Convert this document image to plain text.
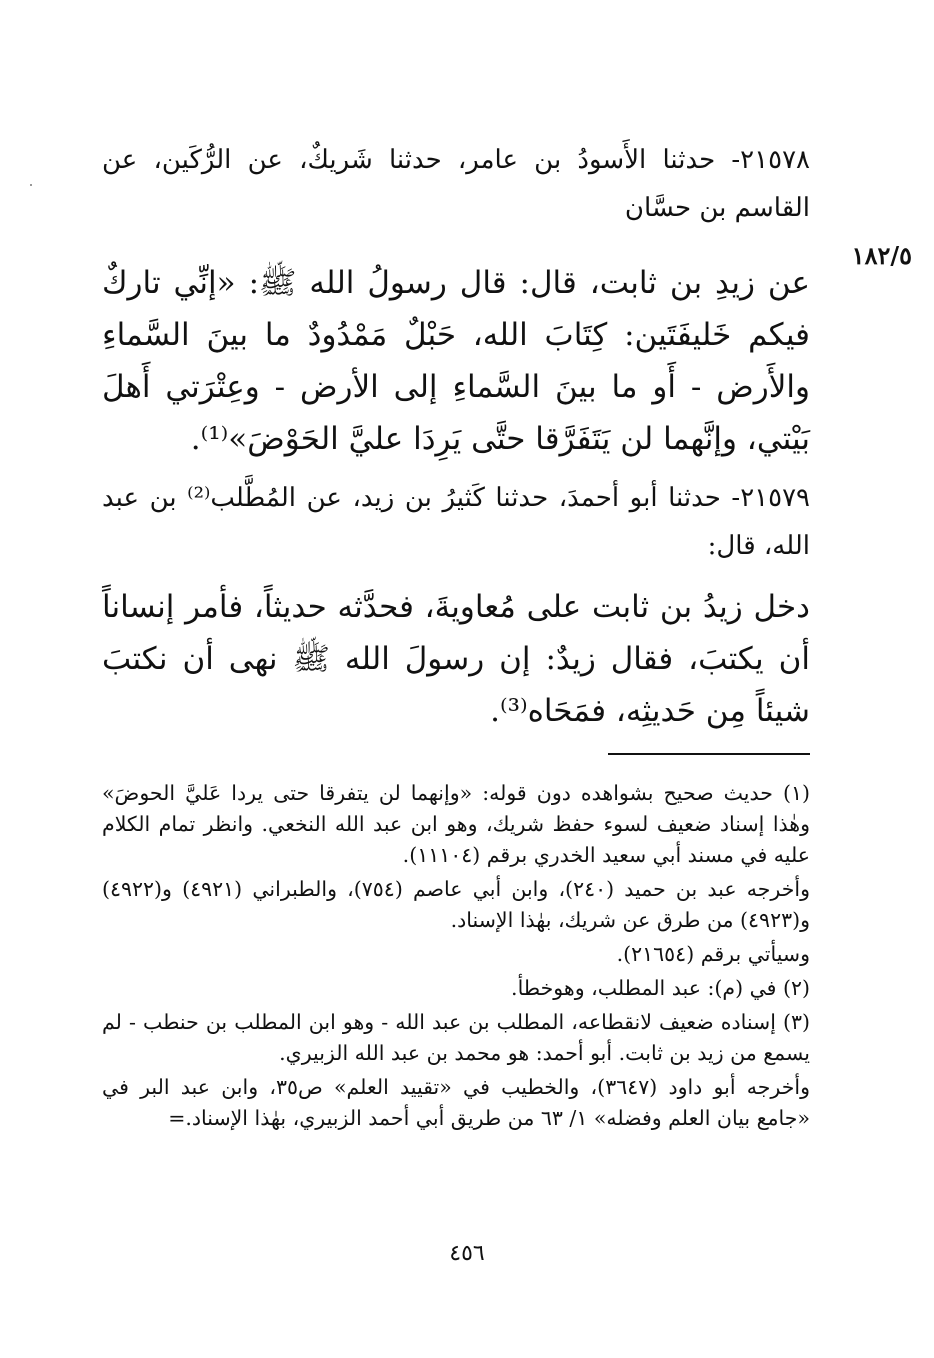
١٨٢/٥

٢١٥٧٨- حدثنا الأَسودُ بن عامر، حدثنا شَريكٌ، عن الرُّكَين، عن القاسم بن حسَّان

عن زيدِ بن ثابت، قال: قال رسولُ الله ﷺ: «إنِّي تاركٌ فيكم خَليفَتَين: كِتَابَ الله، حَبْلٌ مَمْدُودٌ ما بينَ السَّماءِ والأَرض - أَو ما بينَ السَّماءِ إلى الأرض - وعِتْرَتي أَهلَ بَيْتي، وإنَّهما لن يَتَفَرَّقا حتَّى يَرِدَا عليَّ الحَوْضَ»⁽¹⁾.

٢١٥٧٩- حدثنا أبو أحمدَ، حدثنا كَثيرُ بن زيد، عن المُطَّلب⁽²⁾ بن عبد الله، قال:

دخل زيدُ بن ثابت على مُعاويةَ، فحدَّثه حديثاً، فأمر إنساناً أن يكتبَ، فقال زيدٌ: إن رسولَ الله ﷺ نهى أن نكتبَ شيئاً مِن حَديثِه، فمَحَاه⁽³⁾.

(١) حديث صحيح بشواهده دون قوله: «وإنهما لن يتفرقا حتى يردا عَليَّ الحوضَ» وهٰذا إسناد ضعيف لسوء حفظ شريك، وهو ابن عبد الله النخعي. وانظر تمام الكلام عليه في مسند أبي سعيد الخدري برقم (١١١٠٤).

وأخرجه عبد بن حميد (٢٤٠)، وابن أبي عاصم (٧٥٤)، والطبراني (٤٩٢١) و(٤٩٢٢) و(٤٩٢٣) من طرق عن شريك، بهٰذا الإسناد.

وسيأتي برقم (٢١٦٥٤).

(٢) في (م): عبد المطلب، وهوخطأ.

(٣) إسناده ضعيف لانقطاعه، المطلب بن عبد الله - وهو ابن المطلب بن حنطب - لم يسمع من زيد بن ثابت. أبو أحمد: هو محمد بن عبد الله الزبيري.

وأخرجه أبو داود (٣٦٤٧)، والخطيب في «تقييد العلم» ص٣٥، وابن عبد البر في «جامع بيان العلم وفضله» ١/ ٦٣ من طريق أبي أحمد الزبيري، بهٰذا الإسناد.=

٤٥٦
